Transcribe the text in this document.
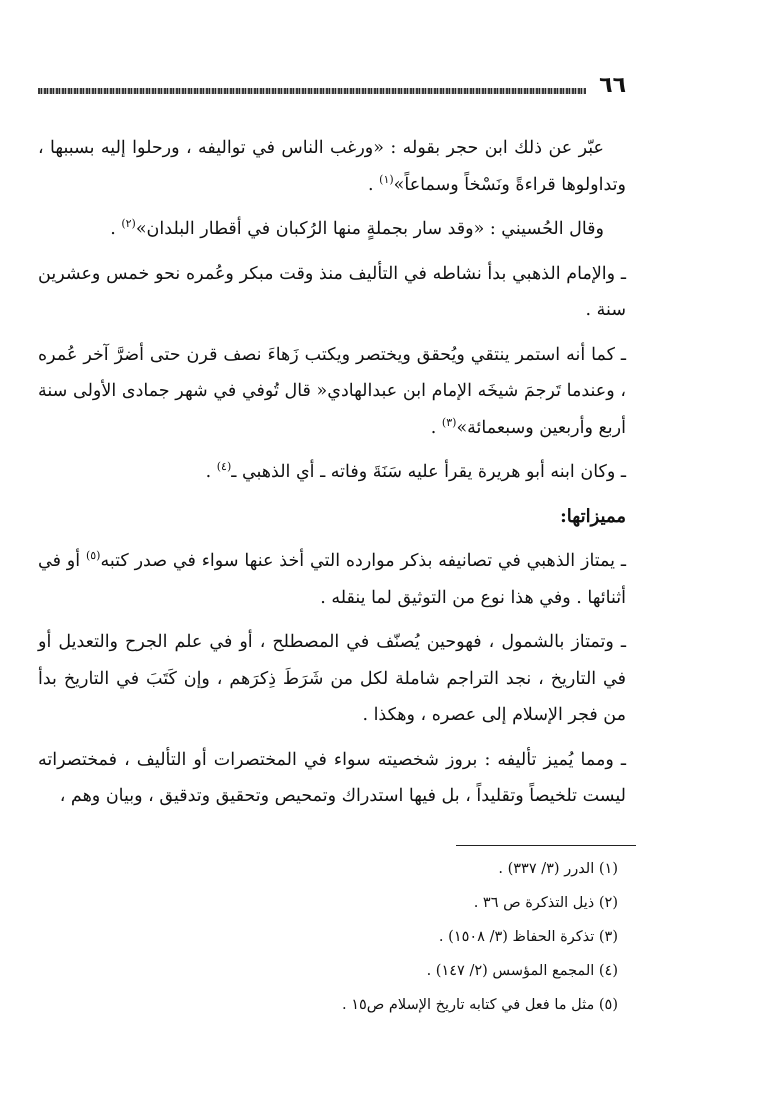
٦٦

عبّر عن ذلك ابن حجر بقوله : «ورغب الناس في تواليفه ، ورحلوا إليه بسببها ، وتداولوها قراءةً ونَسْخاً وسماعاً»$^{(١)}$ .

وقال الحُسيني : «وقد سار بجملةٍ منها الرُكبان في أقطار البلدان»$^{(٢)}$ .

ـ والإمام الذهبي بدأ نشاطه في التأليف منذ وقت مبكر وعُمره نحو خمس وعشرين سنة .

ـ كما أنه استمر ينتقي ويُحقق ويختصر ويكتب زَهاءَ نصف قرن حتى أضرَّ آخر عُمره ، وعندما تَرجمَ شيخَه الإمام ابن عبدالهادي« قال تُوفي في شهر جمادى الأولى سنة أربع وأربعين وسبعمائة»$^{(٣)}$ .

ـ وكان ابنه أبو هريرة يقرأ عليه سَنَةَ وفاته ـ أي الذهبي ـ$^{(٤)}$ .

مميزاتها:

ـ يمتاز الذهبي في تصانيفه بذكر موارده التي أخذ عنها سواء في صدر كتبه$^{(٥)}$ أو في أثنائها . وفي هذا نوع من التوثيق لما ينقله .

ـ وتمتاز بالشمول ، فهوحين يُصنّف في المصطلح ، أو في علم الجرح والتعديل أو في التاريخ ، نجد التراجم شاملة لكل من شَرَطَ ذِكرَهم ، وإن كَتَبَ في التاريخ بدأ من فجر الإسلام إلى عصره ، وهكذا .

ـ ومما يُميز تأليفه : بروز شخصيته سواء في المختصرات أو التأليف ، فمختصراته ليست تلخيصاً وتقليداً ، بل فيها استدراك وتمحيص وتحقيق وتدقيق ، وبيان وهم ،

(١) الدرر (٣/ ٣٣٧) .

(٢) ذيل التذكرة ص ٣٦ .

(٣) تذكرة الحفاظ (٣/ ١٥٠٨) .

(٤) المجمع المؤسس (٢/ ١٤٧) .

(٥) مثل ما فعل في كتابه تاريخ الإسلام ص١٥ .
